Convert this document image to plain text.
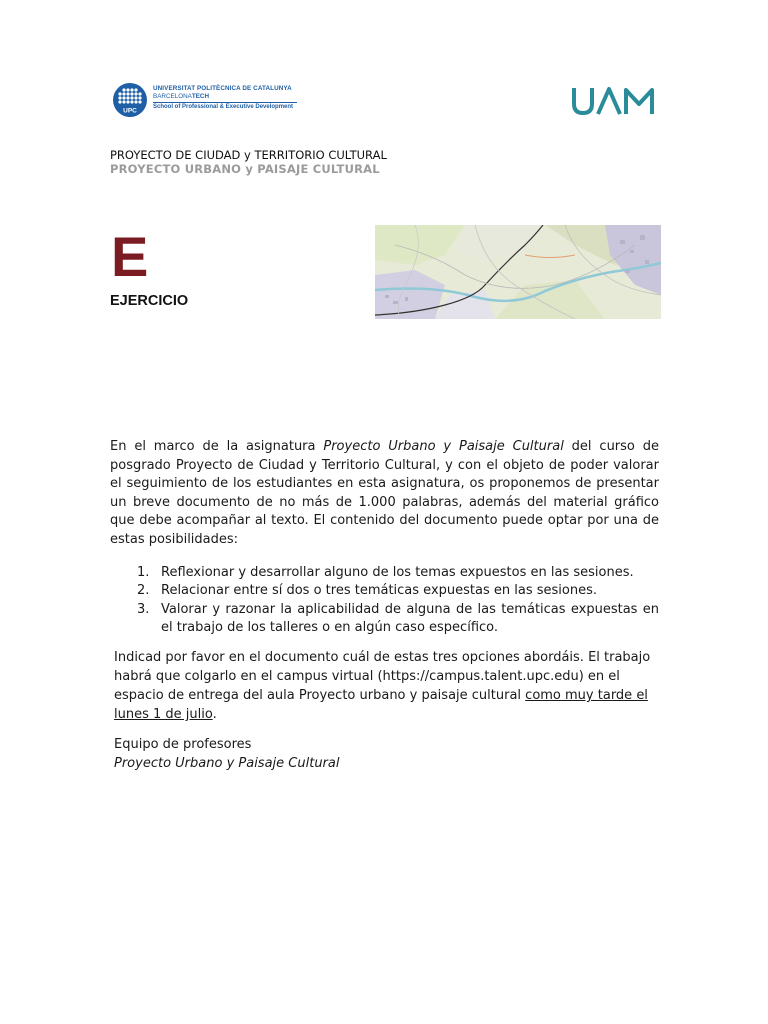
UPC
UNIVERSITAT POLITÈCNICA DE CATALUNYA
BARCELONATECH
School of Professional & Executive Development
PROYECTO DE CIUDAD y TERRITORIO CULTURAL
PROYECTO URBANO y PAISAJE CULTURAL
E
EJERCICIO
En el marco de la asignatura Proyecto Urbano y Paisaje Cultural del curso de posgrado Proyecto de Ciudad y Territorio Cultural, y con el objeto de poder valorar el seguimiento de los estudiantes en esta asignatura, os proponemos de presentar un breve documento de no más de 1.000 palabras, además del material gráfico que debe acompañar al texto. El contenido del documento puede optar por una de estas posibilidades:
1. Reflexionar y desarrollar alguno de los temas expuestos en las sesiones.
2. Relacionar entre sí dos o tres temáticas expuestas en las sesiones.
3. Valorar y razonar la aplicabilidad de alguna de las temáticas expuestas en el trabajo de los talleres o en algún caso específico.
Indicad por favor en el documento cuál de estas tres opciones abordáis. El trabajo habrá que colgarlo en el campus virtual (https://campus.talent.upc.edu) en el espacio de entrega del aula Proyecto urbano y paisaje cultural como muy tarde el lunes 1 de julio.
Equipo de profesores
Proyecto Urbano y Paisaje Cultural
